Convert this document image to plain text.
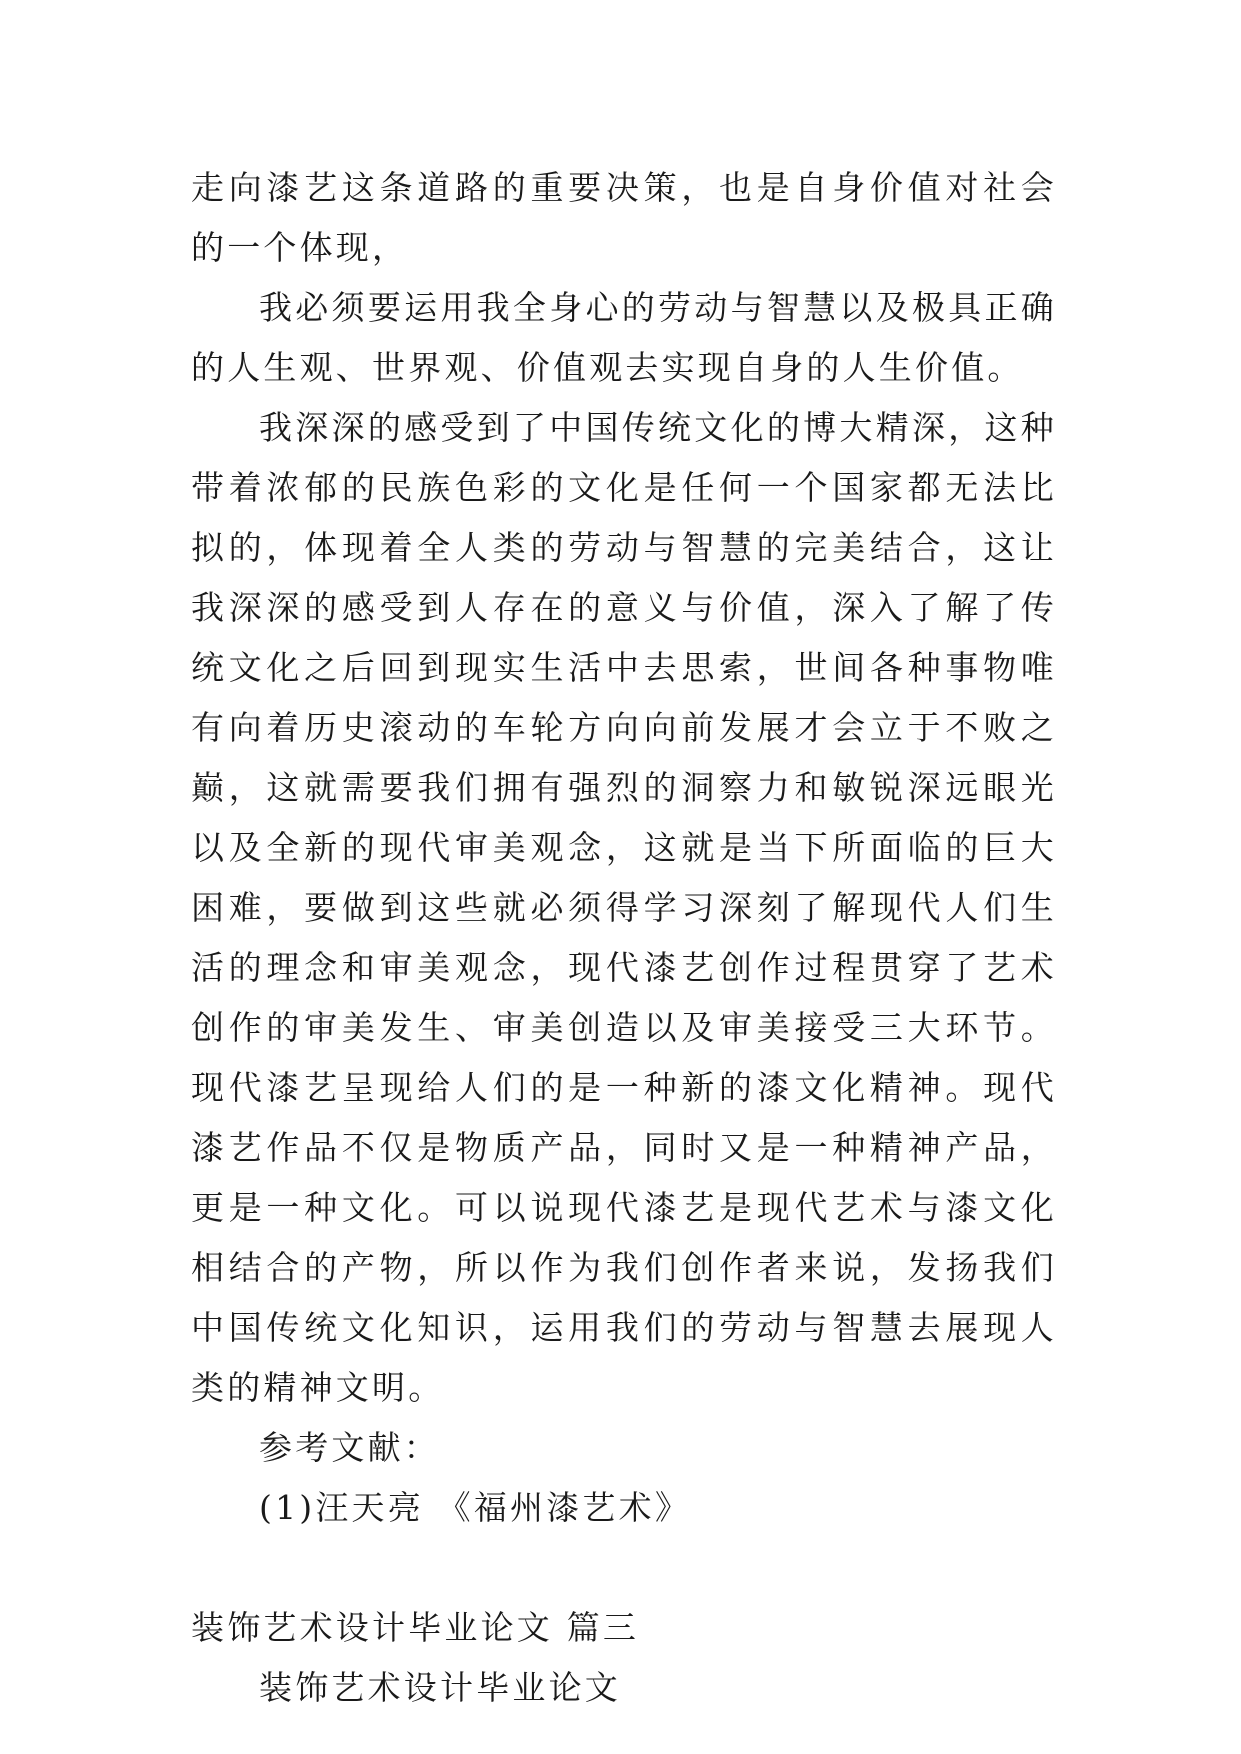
走向漆艺这条道路的重要决策，也是自身价值对社会的一个体现，

我必须要运用我全身心的劳动与智慧以及极具正确的人生观、世界观、价值观去实现自身的人生价值。

我深深的感受到了中国传统文化的博大精深，这种带着浓郁的民族色彩的文化是任何一个国家都无法比拟的，体现着全人类的劳动与智慧的完美结合，这让我深深的感受到人存在的意义与价值，深入了解了传统文化之后回到现实生活中去思索，世间各种事物唯有向着历史滚动的车轮方向向前发展才会立于不败之巅，这就需要我们拥有强烈的洞察力和敏锐深远眼光以及全新的现代审美观念，这就是当下所面临的巨大困难，要做到这些就必须得学习深刻了解现代人们生活的理念和审美观念，现代漆艺创作过程贯穿了艺术创作的审美发生、审美创造以及审美接受三大环节。现代漆艺呈现给人们的是一种新的漆文化精神。现代漆艺作品不仅是物质产品，同时又是一种精神产品，更是一种文化。可以说现代漆艺是现代艺术与漆文化相结合的产物，所以作为我们创作者来说，发扬我们中国传统文化知识，运用我们的劳动与智慧去展现人类的精神文明。

参考文献：

(1)汪天亮 《福州漆艺术》

装饰艺术设计毕业论文 篇三

装饰艺术设计毕业论文
